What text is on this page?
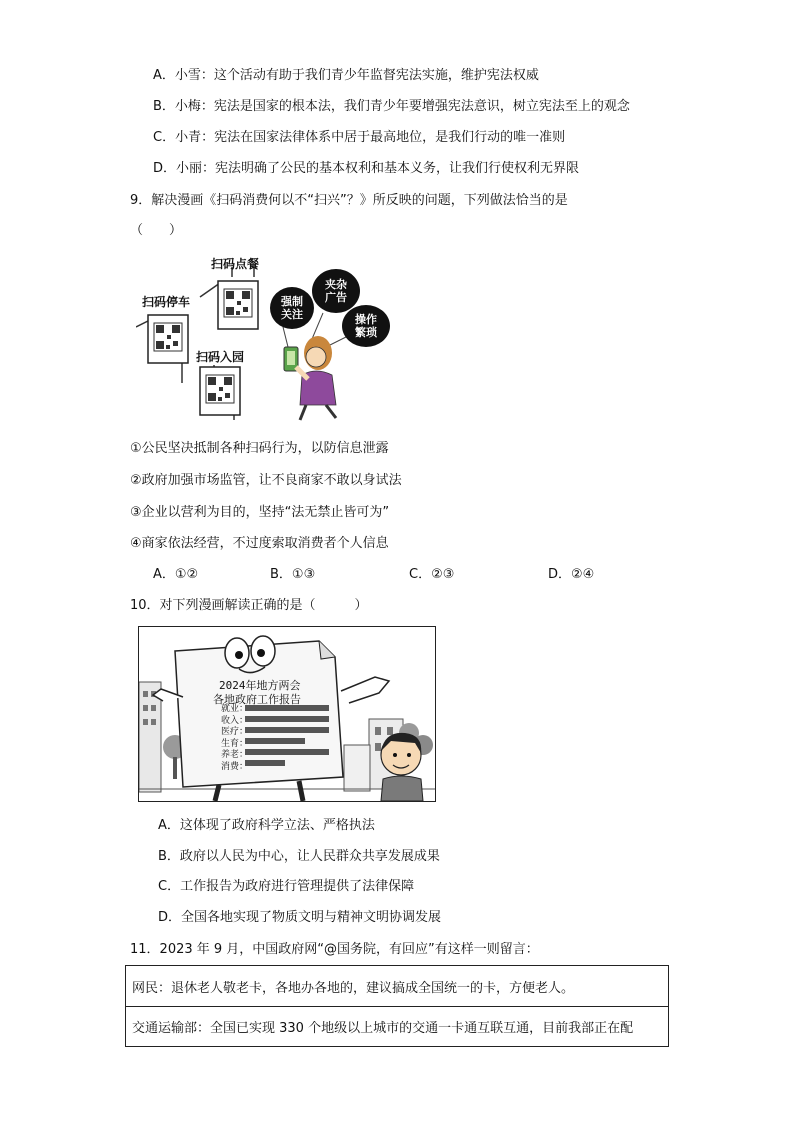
A．小雪：这个活动有助于我们青少年监督宪法实施，维护宪法权威
B．小梅：宪法是国家的根本法，我们青少年要增强宪法意识，树立宪法至上的观念
C．小青：宪法在国家法律体系中居于最高地位，是我们行动的唯一准则
D．小丽：宪法明确了公民的基本权利和基本义务，让我们行使权利无界限
9．解决漫画《扫码消费何以不“扫兴”？》所反映的问题，下列做法恰当的是
（　　）
扫码点餐
扫码停车
扫码入园
强制关注
夹杂广告
操作繁琐
①公民坚决抵制各种扫码行为，以防信息泄露
②政府加强市场监管，让不良商家不敢以身试法
③企业以营利为目的，坚持“法无禁止皆可为”
④商家依法经营，不过度索取消费者个人信息
A．①②	B．①③	C．②③	D．②④
10．对下列漫画解读正确的是（　　　）
2024年地方两会
各地政府工作报告
就业：
收入：
医疗：
生育：
养老：
消费：
A．这体现了政府科学立法、严格执法
B．政府以人民为中心，让人民群众共享发展成果
C．工作报告为政府进行管理提供了法律保障
D．全国各地实现了物质文明与精神文明协调发展
11．2023 年 9 月，中国政府网“@国务院，有回应”有这样一则留言：
网民：退休老人敬老卡，各地办各地的，建议搞成全国统一的卡，方便老人。
交通运输部：全国已实现 330 个地级以上城市的交通一卡通互联互通，目前我部正在配
